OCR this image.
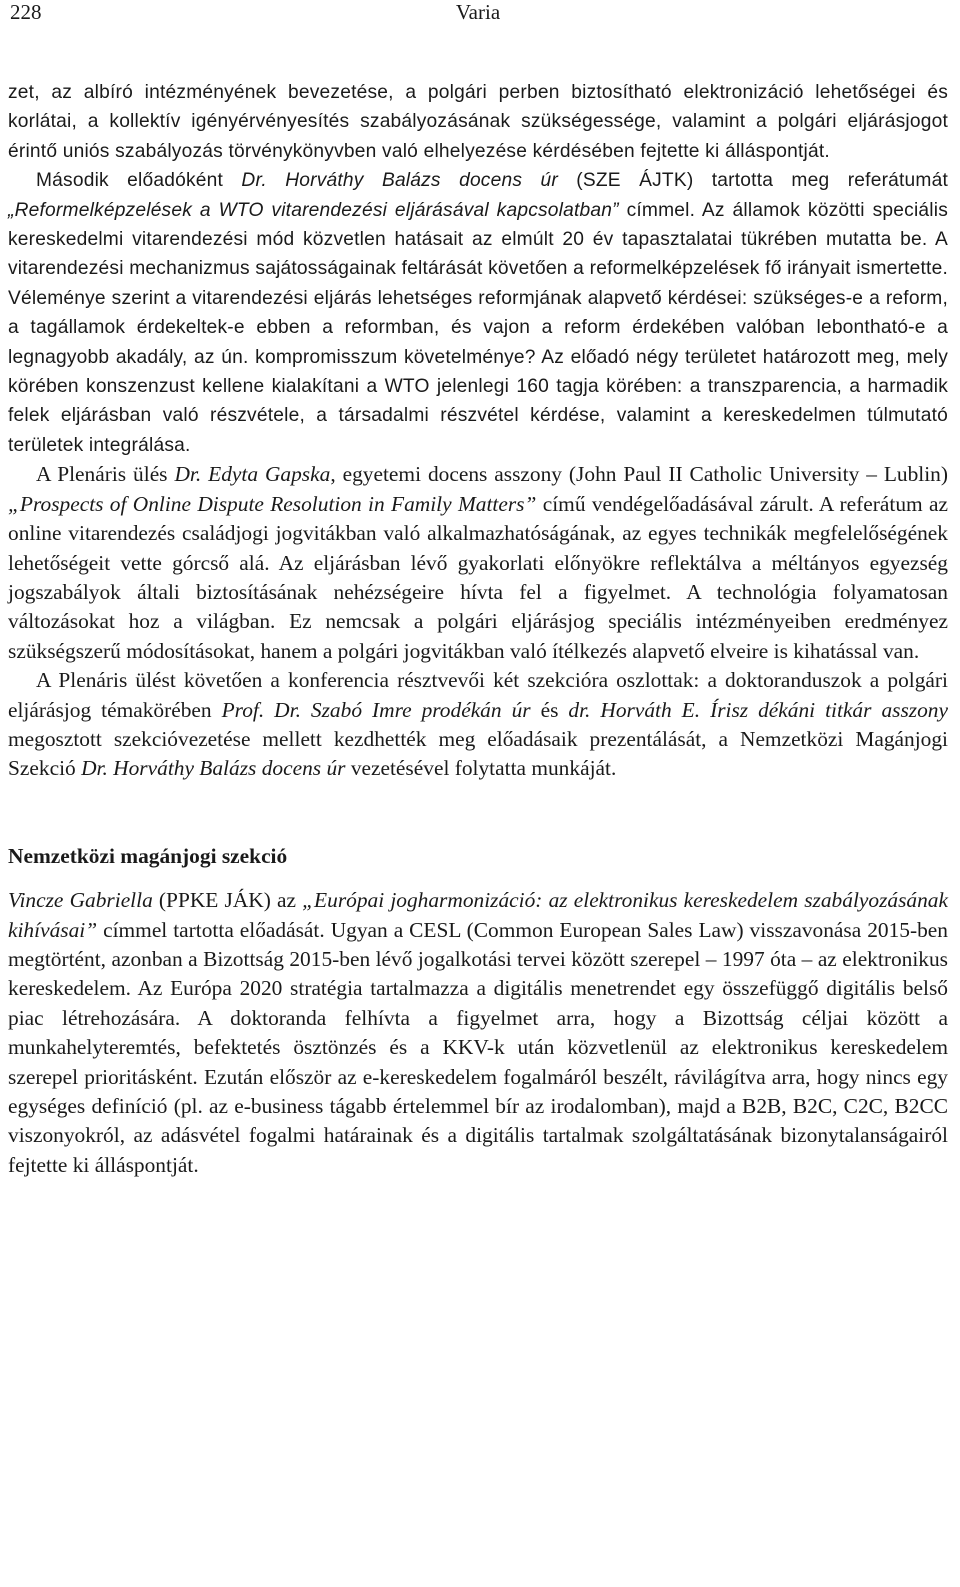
228	Varia

zet, az albíró intézményének bevezetése, a polgári perben biztosítható elektronizáció lehetőségei és korlátai, a kollektív igényérvényesítés szabályozásának szükségessége, valamint a polgári eljárásjogot érintő uniós szabályozás törvénykönyvben való elhelyezése kérdésében fejtette ki álláspontját.

Második előadóként Dr. Horváthy Balázs docens úr (SZE ÁJTK) tartotta meg referátumát „Reformelképzelések a WTO vitarendezési eljárásával kapcsolatban” címmel. Az államok közötti speciális kereskedelmi vitarendezési mód közvetlen hatásait az elmúlt 20 év tapasztalatai tükrében mutatta be. A vitarendezési mechanizmus sajátosságainak feltárását követően a reformelképzelések fő irányait ismertette. Véleménye szerint a vitarendezési eljárás lehetséges reformjának alapvető kérdései: szükséges-e a reform, a tagállamok érdekeltek-e ebben a reformban, és vajon a reform érdekében valóban lebontható-e a legnagyobb akadály, az ún. kompromisszum követelménye? Az előadó négy területet határozott meg, mely körében konszenzust kellene kialakítani a WTO jelenlegi 160 tagja körében: a transzparencia, a harmadik felek eljárásban való részvétele, a társadalmi részvétel kérdése, valamint a kereskedelmen túlmutató területek integrálása.

A Plenáris ülés Dr. Edyta Gapska, egyetemi docens asszony (John Paul II Catholic University – Lublin) „Prospects of Online Dispute Resolution in Family Matters” című vendégelőadásával zárult. A referátum az online vitarendezés családjogi jogvitákban való alkalmazhatóságának, az egyes technikák megfelelőségének lehetőségeit vette górcső alá. Az eljárásban lévő gyakorlati előnyökre reflektálva a méltányos egyezség jogszabályok általi biztosításának nehézségeire hívta fel a figyelmet. A technológia folyamatosan változásokat hoz a világban. Ez nemcsak a polgári eljárásjog speciális intézményeiben eredményez szükségszerű módosításokat, hanem a polgári jogvitákban való ítélkezés alapvető elveire is kihatással van.

A Plenáris ülést követően a konferencia résztvevői két szekcióra oszlottak: a doktoranduszok a polgári eljárásjog témakörében Prof. Dr. Szabó Imre prodékán úr és dr. Horváth E. Írisz dékáni titkár asszony megosztott szekcióvezetése mellett kezdhették meg előadásaik prezentálását, a Nemzetközi Magánjogi Szekció Dr. Horváthy Balázs docens úr vezetésével folytatta munkáját.

Nemzetközi magánjogi szekció

Vincze Gabriella (PPKE JÁK) az „Európai jogharmonizáció: az elektronikus kereskedelem szabályozásának kihívásai” címmel tartotta előadását. Ugyan a CESL (Common European Sales Law) visszavonása 2015-ben megtörtént, azonban a Bizottság 2015-ben lévő jogalkotási tervei között szerepel – 1997 óta – az elektronikus kereskedelem. Az Európa 2020 stratégia tartalmazza a digitális menetrendet egy összefüggő digitális belső piac létrehozására. A doktoranda felhívta a figyelmet arra, hogy a Bizottság céljai között a munkahelyteremtés, befektetés ösztönzés és a KKV-k után közvetlenül az elektronikus kereskedelem szerepel prioritásként. Ezután először az e-kereskedelem fogalmáról beszélt, rávilágítva arra, hogy nincs egy egységes definíció (pl. az e-business tágabb értelemmel bír az irodalomban), majd a B2B, B2C, C2C, B2CC viszonyokról, az adásvétel fogalmi határainak és a digitális tartalmak szolgáltatásának bizonytalanságairól fejtette ki álláspontját.
